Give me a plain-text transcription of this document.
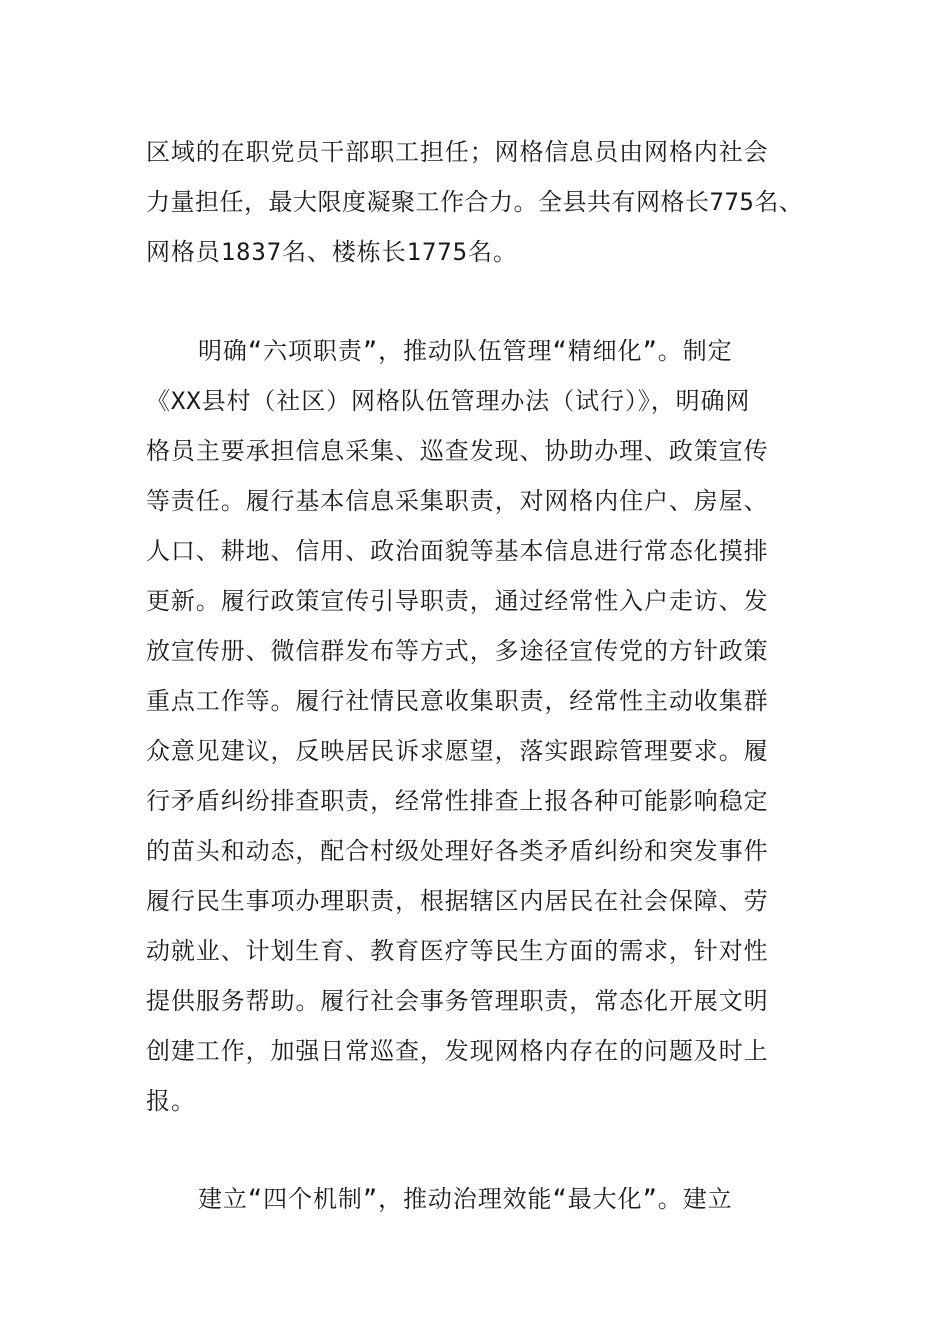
区域的在职党员干部职工担任；网格信息员由网格内社会

力量担任，最大限度凝聚工作合力。全县共有网格长775名、

网格员1837名、楼栋长1775名。

明确“六项职责”，推动队伍管理“精细化”。制定

《XX县村（社区）网格队伍管理办法（试行）》，明确网

格员主要承担信息采集、巡查发现、协助办理、政策宣传

等责任。履行基本信息采集职责，对网格内住户、房屋、

人口、耕地、信用、政治面貌等基本信息进行常态化摸排

更新。履行政策宣传引导职责，通过经常性入户走访、发

放宣传册、微信群发布等方式，多途径宣传党的方针政策

重点工作等。履行社情民意收集职责，经常性主动收集群

众意见建议，反映居民诉求愿望，落实跟踪管理要求。履

行矛盾纠纷排查职责，经常性排查上报各种可能影响稳定

的苗头和动态，配合村级处理好各类矛盾纠纷和突发事件

履行民生事项办理职责，根据辖区内居民在社会保障、劳

动就业、计划生育、教育医疗等民生方面的需求，针对性

提供服务帮助。履行社会事务管理职责，常态化开展文明

创建工作，加强日常巡查，发现网格内存在的问题及时上

报。

建立“四个机制”，推动治理效能“最大化”。建立
